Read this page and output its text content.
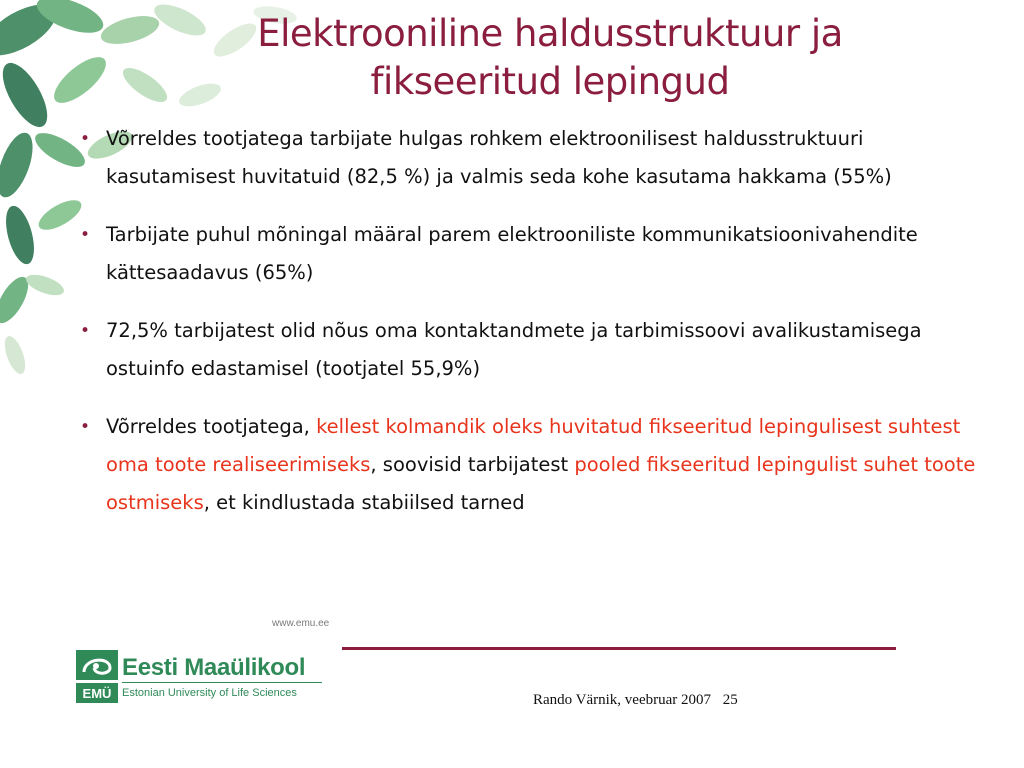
Elektrooniline haldusstruktuur ja
fikseeritud lepingud
• Võrreldes tootjatega tarbijate hulgas rohkem elektroonilisest haldusstruktuuri kasutamisest huvitatuid (82,5 %) ja valmis seda kohe kasutama hakkama (55%)
• Tarbijate puhul mõningal määral parem elektrooniliste kommunikatsioonivahendite kättesaadavus (65%)
• 72,5% tarbijatest olid nõus oma kontaktandmete ja tarbimissoovi avalikustamisega ostuinfo edastamisel (tootjatel 55,9%)
• Võrreldes tootjatega, kellest kolmandik oleks huvitatud fikseeritud lepingulisest suhtest oma toote realiseerimiseks, soovisid tarbijatest pooled fikseeritud lepingulist suhet toote ostmiseks, et kindlustada stabiilsed tarned
www.emu.ee
EMÜ
Eesti Maaülikool
Estonian University of Life Sciences	Rando Värnik, veebruar 2007 25
